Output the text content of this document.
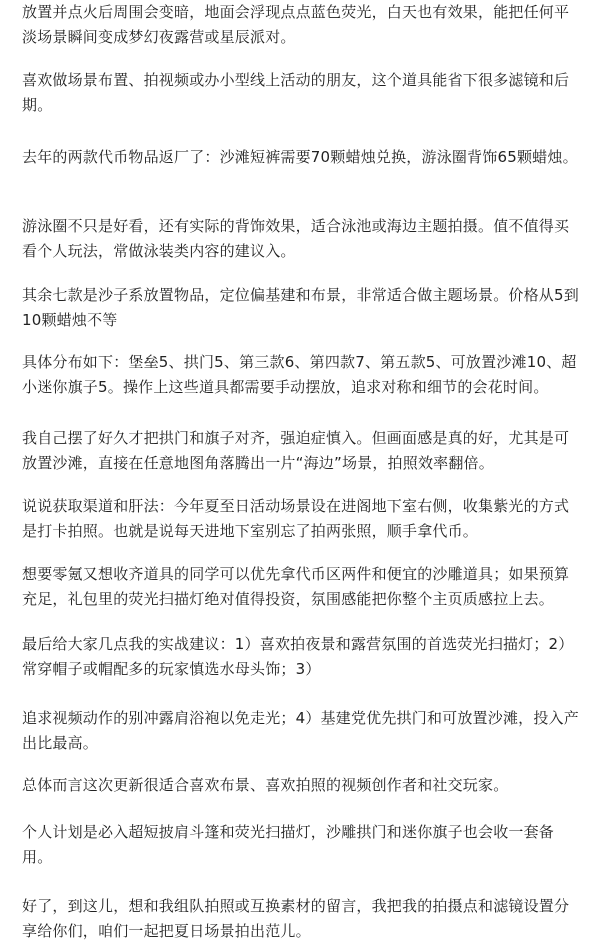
放置并点火后周围会变暗，地面会浮现点点蓝色荧光，白天也有效果，能把任何平淡场景瞬间变成梦幻夜露营或星辰派对。

喜欢做场景布置、拍视频或办小型线上活动的朋友，这个道具能省下很多滤镜和后期。

去年的两款代币物品返厂了：沙滩短裤需要70颗蜡烛兑换，游泳圈背饰65颗蜡烛。

游泳圈不只是好看，还有实际的背饰效果，适合泳池或海边主题拍摄。值不值得买看个人玩法，常做泳装类内容的建议入。

其余七款是沙子系放置物品，定位偏基建和布景，非常适合做主题场景。价格从5到10颗蜡烛不等

具体分布如下：堡垒5、拱门5、第三款6、第四款7、第五款5、可放置沙滩10、超小迷你旗子5。操作上这些道具都需要手动摆放，追求对称和细节的会花时间。

我自己摆了好久才把拱门和旗子对齐，强迫症慎入。但画面感是真的好，尤其是可放置沙滩，直接在任意地图角落腾出一片“海边”场景，拍照效率翻倍。

说说获取渠道和肝法：今年夏至日活动场景设在进阁地下室右侧，收集紫光的方式是打卡拍照。也就是说每天进地下室别忘了拍两张照，顺手拿代币。

想要零氪又想收齐道具的同学可以优先拿代币区两件和便宜的沙雕道具；如果预算充足，礼包里的荧光扫描灯绝对值得投资，氛围感能把你整个主页质感拉上去。

最后给大家几点我的实战建议：1）喜欢拍夜景和露营氛围的首选荧光扫描灯；2）常穿帽子或帽配多的玩家慎选水母头饰；3）

追求视频动作的别冲露肩浴袍以免走光；4）基建党优先拱门和可放置沙滩，投入产出比最高。

总体而言这次更新很适合喜欢布景、喜欢拍照的视频创作者和社交玩家。

个人计划是必入超短披肩斗篷和荧光扫描灯，沙雕拱门和迷你旗子也会收一套备用。

好了，到这儿，想和我组队拍照或互换素材的留言，我把我的拍摄点和滤镜设置分享给你们，咱们一起把夏日场景拍出范儿。
